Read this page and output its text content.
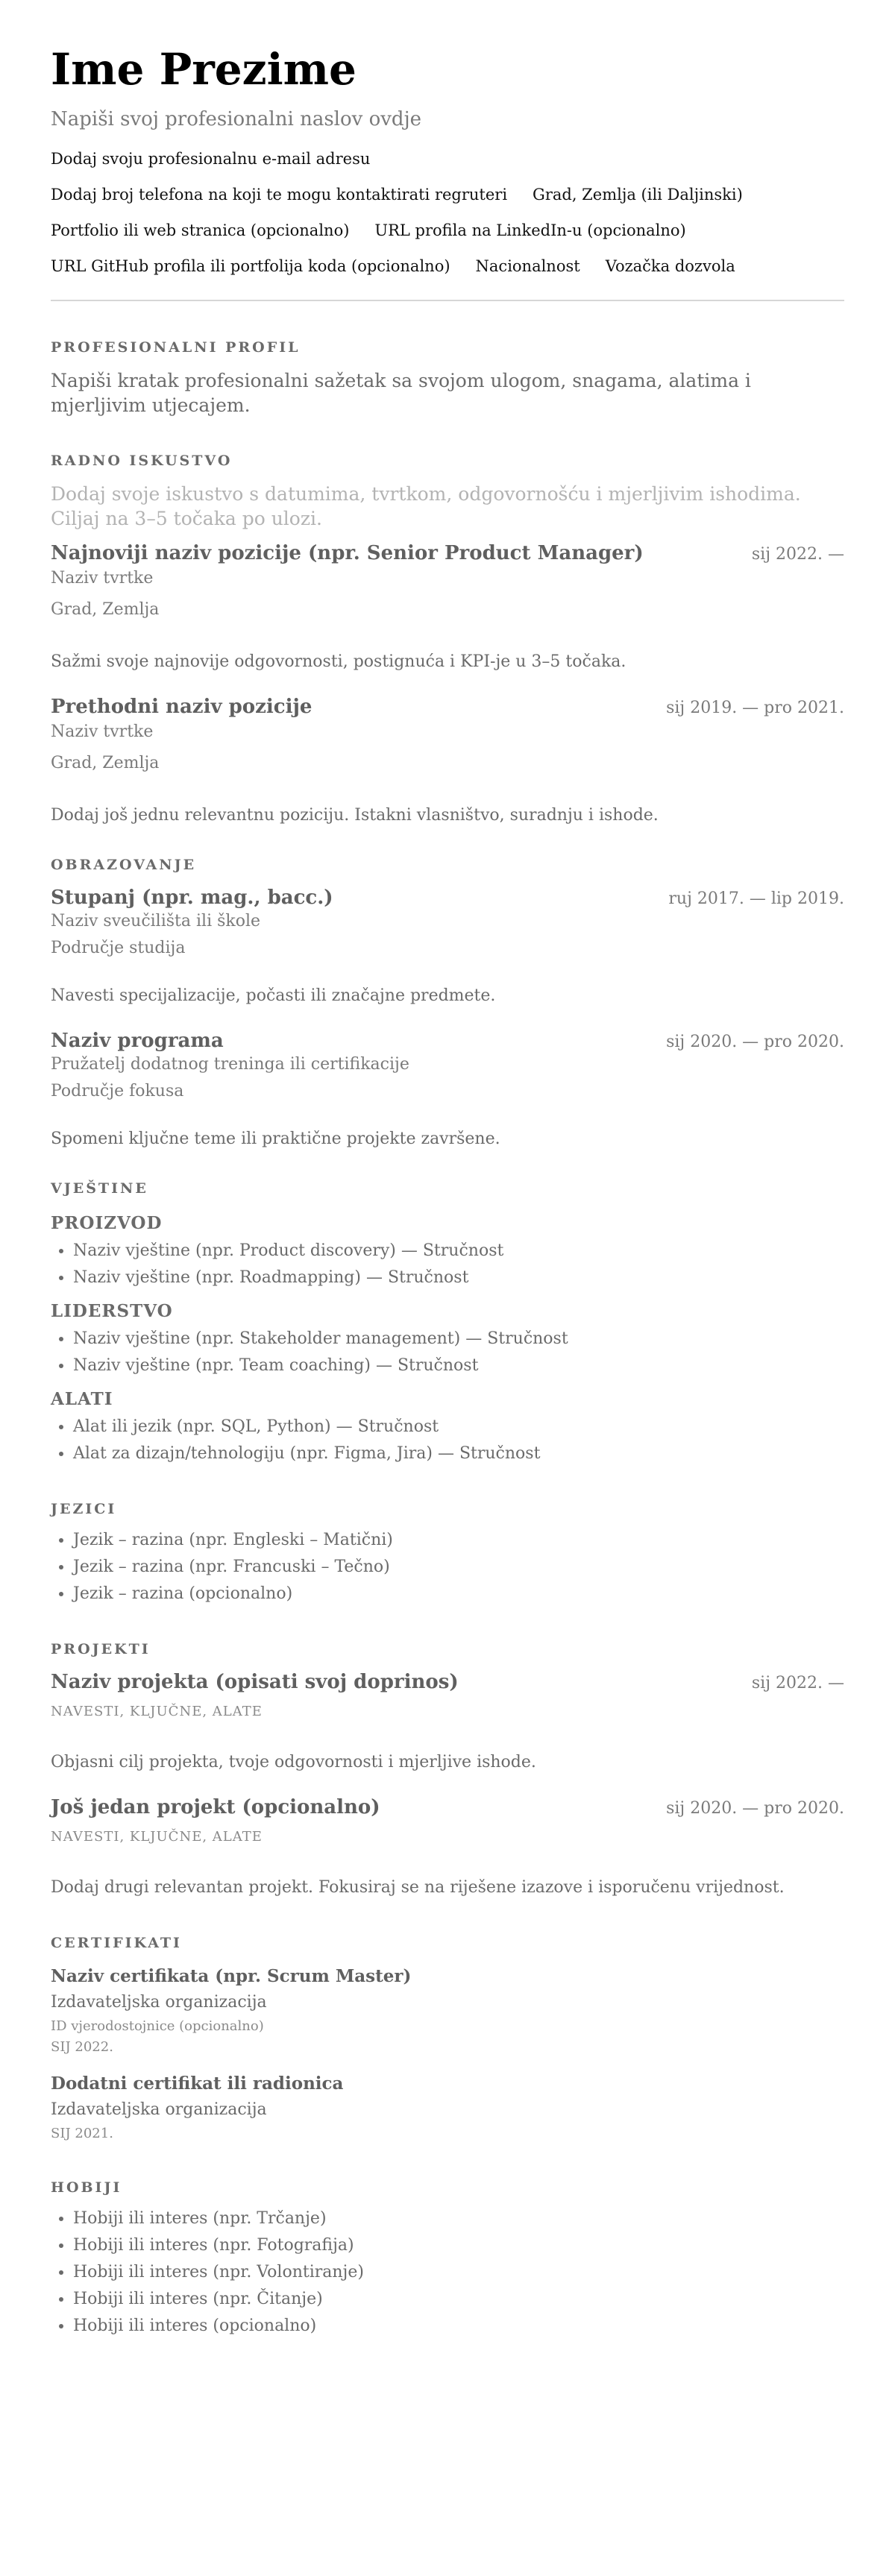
Ime Prezime
Napiši svoj profesionalni naslov ovdje
Dodaj svoju profesionalnu e-mail adresu
Dodaj broj telefona na koji te mogu kontaktirati regruteri Grad, Zemlja (ili Daljinski)
Portfolio ili web stranica (opcionalno) URL profila na LinkedIn-u (opcionalno)
URL GitHub profila ili portfolija koda (opcionalno) Nacionalnost Vozačka dozvola
PROFESIONALNI PROFIL
Napiši kratak profesionalni sažetak sa svojom ulogom, snagama, alatima i mjerljivim utjecajem.
RADNO ISKUSTVO
Dodaj svoje iskustvo s datumima, tvrtkom, odgovornošću i mjerljivim ishodima. Ciljaj na 3–5 točaka po ulozi.
Najnoviji naziv pozicije (npr. Senior Product Manager)	sij 2022. —
Naziv tvrtke
Grad, Zemlja
Sažmi svoje najnovije odgovornosti, postignuća i KPI-je u 3–5 točaka.
Prethodni naziv pozicije	sij 2019. — pro 2021.
Naziv tvrtke
Grad, Zemlja
Dodaj još jednu relevantnu poziciju. Istakni vlasništvo, suradnju i ishode.
OBRAZOVANJE
Stupanj (npr. mag., bacc.)	ruj 2017. — lip 2019.
Naziv sveučilišta ili škole
Područje studija
Navesti specijalizacije, počasti ili značajne predmete.
Naziv programa	sij 2020. — pro 2020.
Pružatelj dodatnog treninga ili certifikacije
Područje fokusa
Spomeni ključne teme ili praktične projekte završene.
VJEŠTINE
PROIZVOD
• Naziv vještine (npr. Product discovery) — Stručnost
• Naziv vještine (npr. Roadmapping) — Stručnost
LIDERSTVO
• Naziv vještine (npr. Stakeholder management) — Stručnost
• Naziv vještine (npr. Team coaching) — Stručnost
ALATI
• Alat ili jezik (npr. SQL, Python) — Stručnost
• Alat za dizajn/tehnologiju (npr. Figma, Jira) — Stručnost
JEZICI
• Jezik – razina (npr. Engleski – Matični)
• Jezik – razina (npr. Francuski – Tečno)
• Jezik – razina (opcionalno)
PROJEKTI
Naziv projekta (opisati svoj doprinos)	sij 2022. —
NAVESTI, KLJUČNE, ALATE
Objasni cilj projekta, tvoje odgovornosti i mjerljive ishode.
Još jedan projekt (opcionalno)	sij 2020. — pro 2020.
NAVESTI, KLJUČNE, ALATE
Dodaj drugi relevantan projekt. Fokusiraj se na riješene izazove i isporučenu vrijednost.
CERTIFIKATI
Naziv certifikata (npr. Scrum Master)
Izdavateljska organizacija
ID vjerodostojnice (opcionalno)
SIJ 2022.
Dodatni certifikat ili radionica
Izdavateljska organizacija
SIJ 2021.
HOBIJI
• Hobiji ili interes (npr. Trčanje)
• Hobiji ili interes (npr. Fotografija)
• Hobiji ili interes (npr. Volontiranje)
• Hobiji ili interes (npr. Čitanje)
• Hobiji ili interes (opcionalno)
